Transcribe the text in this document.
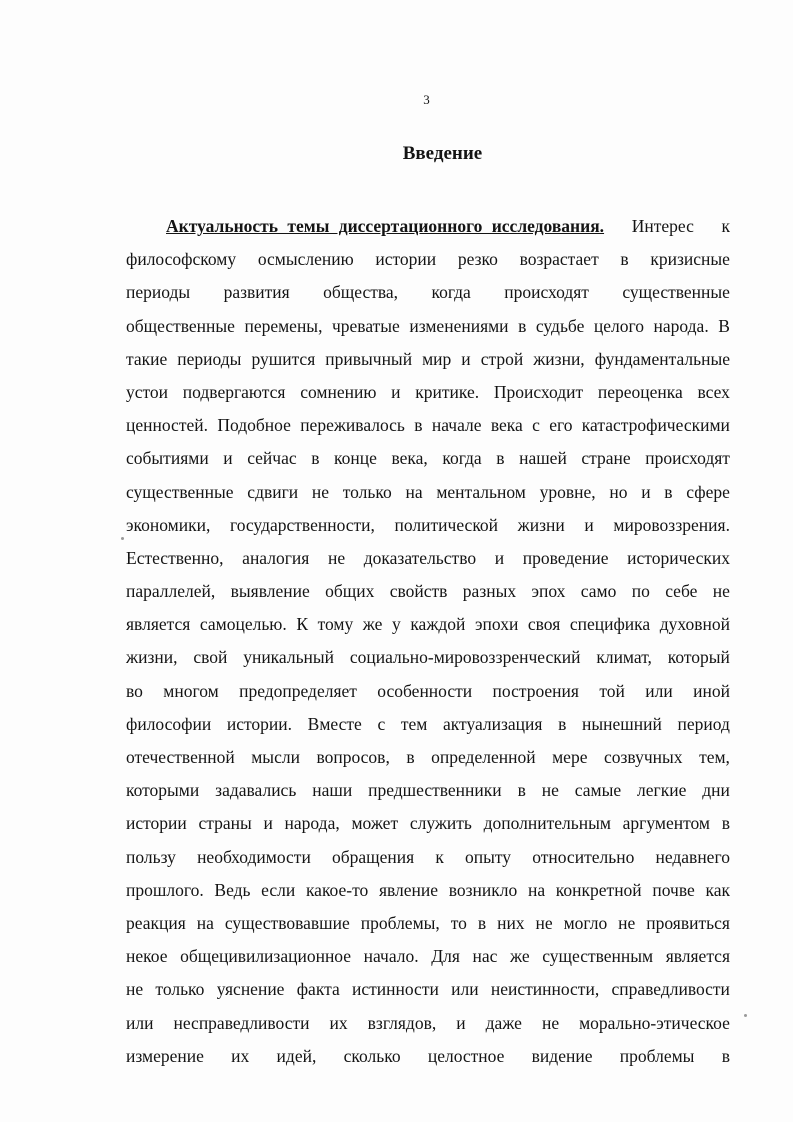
3
Введение
Актуальность темы диссертационного исследования. Интерес к
философскому осмыслению истории резко возрастает в кризисные
периоды развития общества, когда происходят существенные
общественные перемены, чреватые изменениями в судьбе целого народа. В
такие периоды рушится привычный мир и строй жизни, фундаментальные
устои подвергаются сомнению и критике. Происходит переоценка всех
ценностей. Подобное переживалось в начале века с его катастрофическими
событиями и сейчас в конце века, когда в нашей стране происходят
существенные сдвиги не только на ментальном уровне, но и в сфере
экономики, государственности, политической жизни и мировоззрения.
Естественно, аналогия не доказательство и проведение исторических
параллелей, выявление общих свойств разных эпох само по себе не
является самоцелью. К тому же у каждой эпохи своя специфика духовной
жизни, свой уникальный социально-мировоззренческий климат, который
во многом предопределяет особенности построения той или иной
философии истории. Вместе с тем актуализация в нынешний период
отечественной мысли вопросов, в определенной мере созвучных тем,
которыми задавались наши предшественники в не самые легкие дни
истории страны и народа, может служить дополнительным аргументом в
пользу необходимости обращения к опыту относительно недавнего
прошлого. Ведь если какое-то явление возникло на конкретной почве как
реакция на существовавшие проблемы, то в них не могло не проявиться
некое общецивилизационное начало. Для нас же существенным является
не только уяснение факта истинности или неистинности, справедливости
или несправедливости их взглядов, и даже не морально-этическое
измерение их идей, сколько целостное видение проблемы в
